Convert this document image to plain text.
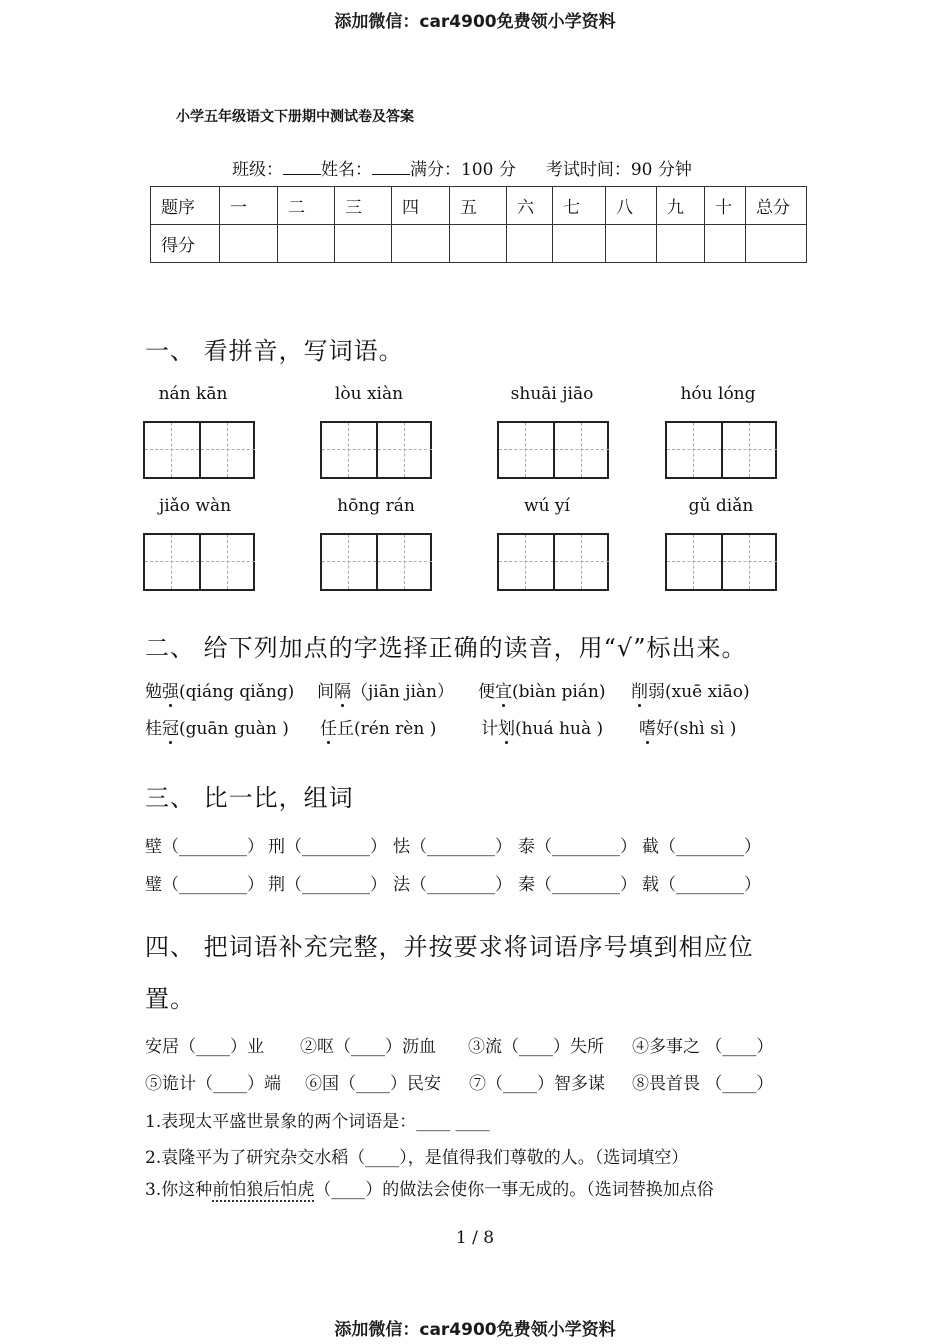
添加微信：car4900免费领小学资料
小学五年级语文下册期中测试卷及答案
班级： 姓名： 满分：100 分 考试时间：90 分钟
题序	一	二	三	四	五	六	七	八	九	十	总分
得分											
一、 看拼音，写词语。
nán kān	lòu xiàn	shuāi jiāo	hóu lóng
jiǎo wàn	hōng rán	wú yí	gǔ diǎn
二、 给下列加点的字选择正确的读音，用“√”标出来。
勉强(qiáng qiǎng) 间隔（jiān jiàn） 便宜(biàn pián) 削弱(xuē xiāo)
桂冠(guān guàn ) 任丘(rén rèn )	计划(huá huà ) 嗜好(shì sì )
三、 比一比，组词
壁（________） 刑（________） 怯（________） 泰（________） 截（________）
璧（________） 荆（________） 法（________） 秦（________） 载（________）
四、 把词语补充完整，并按要求将词语序号填到相应位
置。
安居（____）业 ②呕（____）沥血 ③流（____）失所 ④多事之 （____）
⑤诡计（____）端 ⑥国（____）民安 ⑦（____）智多谋 ⑧畏首畏 （____）
1.表现太平盛世景象的两个词语是：____ ____
2.袁隆平为了研究杂交水稻（____），是值得我们尊敬的人。（选词填空）
3.你这种前怕狼后怕虎（____）的做法会使你一事无成的。（选词替换加点俗
1 / 8
添加微信：car4900免费领小学资料
